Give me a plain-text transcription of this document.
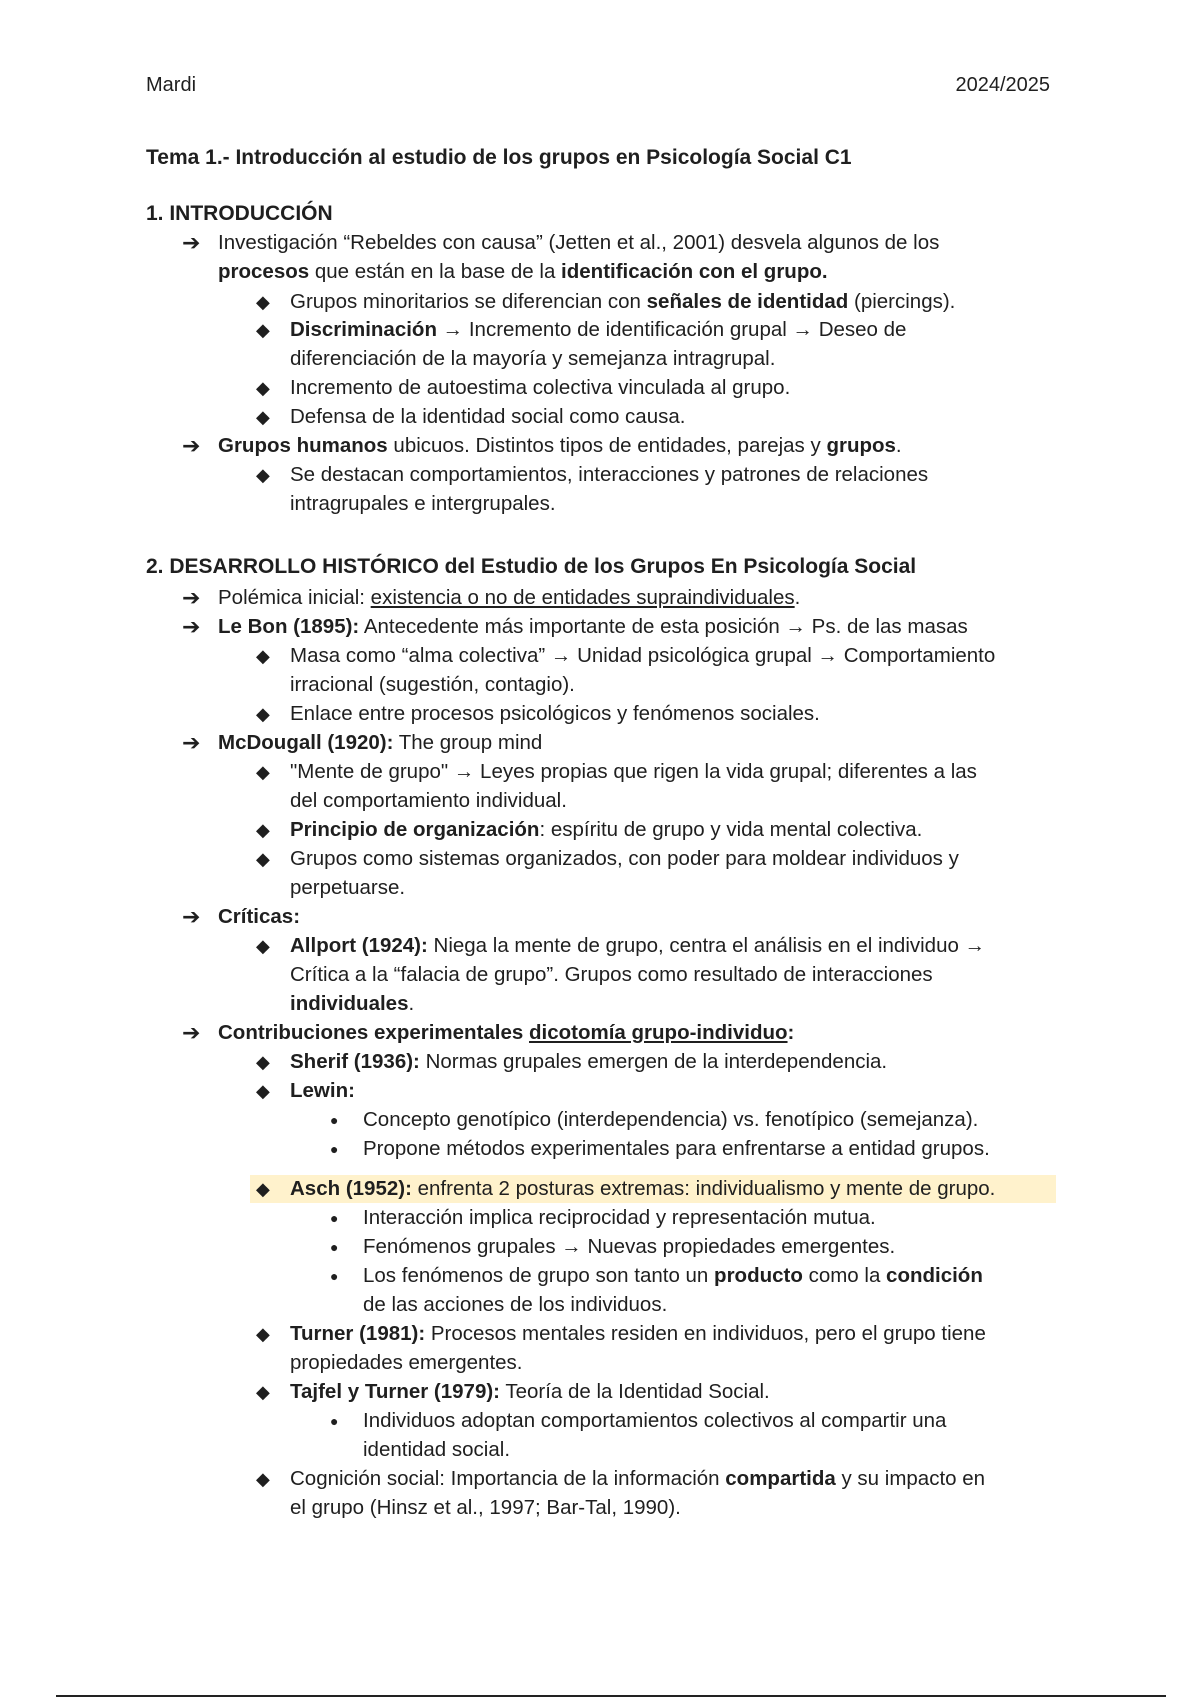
Mardi	2024/2025
Tema 1.- Introducción al estudio de los grupos en Psicología Social C1
1. INTRODUCCIÓN
➔ Investigación “Rebeldes con causa” (Jetten et al., 2001) desvela algunos de los
procesos que están en la base de la identificación con el grupo.
◆ Grupos minoritarios se diferencian con señales de identidad (piercings).
◆ Discriminación → Incremento de identificación grupal → Deseo de
diferenciación de la mayoría y semejanza intragrupal.
◆ Incremento de autoestima colectiva vinculada al grupo.
◆ Defensa de la identidad social como causa.
➔ Grupos humanos ubicuos. Distintos tipos de entidades, parejas y grupos.
◆ Se destacan comportamientos, interacciones y patrones de relaciones
intragrupales e intergrupales.
2. DESARROLLO HISTÓRICO del Estudio de los Grupos En Psicología Social
➔ Polémica inicial: existencia o no de entidades supraindividuales.
➔ Le Bon (1895): Antecedente más importante de esta posición → Ps. de las masas
◆ Masa como “alma colectiva” → Unidad psicológica grupal → Comportamiento
irracional (sugestión, contagio).
◆ Enlace entre procesos psicológicos y fenómenos sociales.
➔ McDougall (1920): The group mind
◆ "Mente de grupo" → Leyes propias que rigen la vida grupal; diferentes a las
del comportamiento individual.
◆ Principio de organización: espíritu de grupo y vida mental colectiva.
◆ Grupos como sistemas organizados, con poder para moldear individuos y
perpetuarse.
➔ Críticas:
◆ Allport (1924): Niega la mente de grupo, centra el análisis en el individuo →
Crítica a la “falacia de grupo”. Grupos como resultado de interacciones
individuales.
➔ Contribuciones experimentales dicotomía grupo-individuo:
◆ Sherif (1936): Normas grupales emergen de la interdependencia.
◆ Lewin:
● Concepto genotípico (interdependencia) vs. fenotípico (semejanza).
● Propone métodos experimentales para enfrentarse a entidad grupos.
◆ Asch (1952): enfrenta 2 posturas extremas: individualismo y mente de grupo.
● Interacción implica reciprocidad y representación mutua.
● Fenómenos grupales → Nuevas propiedades emergentes.
● Los fenómenos de grupo son tanto un producto como la condición
de las acciones de los individuos.
◆ Turner (1981): Procesos mentales residen en individuos, pero el grupo tiene
propiedades emergentes.
◆ Tajfel y Turner (1979): Teoría de la Identidad Social.
● Individuos adoptan comportamientos colectivos al compartir una
identidad social.
◆ Cognición social: Importancia de la información compartida y su impacto en
el grupo (Hinsz et al., 1997; Bar-Tal, 1990).
